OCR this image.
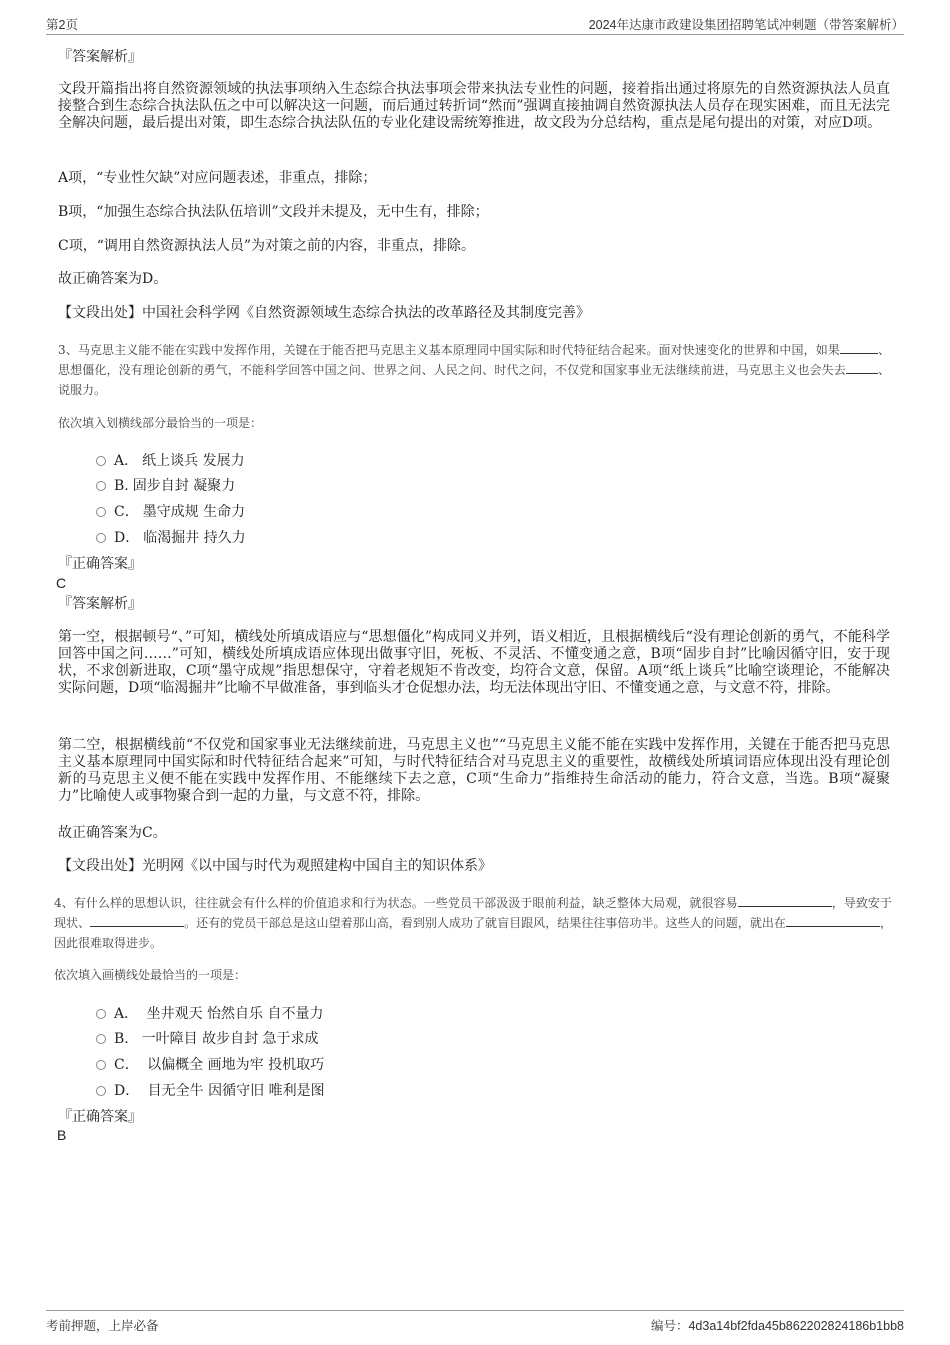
第2页	2024年达康市政建设集团招聘笔试冲刺题（带答案解析）
『答案解析』

文段开篇指出将自然资源领域的执法事项纳入生态综合执法事项会带来执法专业性的问题，接着指出通过将原先的自然资源执法人员直接整合到生态综合执法队伍之中可以解决这一问题，而后通过转折词“然而”强调直接抽调自然资源执法人员存在现实困难，而且无法完全解决问题，最后提出对策，即生态综合执法队伍的专业化建设需统筹推进，故文段为分总结构，重点是尾句提出的对策，对应D项。

A项，“专业性欠缺”对应问题表述，非重点，排除；
B项，“加强生态综合执法队伍培训”文段并未提及，无中生有，排除；
C项，“调用自然资源执法人员”为对策之前的内容，非重点，排除。
故正确答案为D。
【文段出处】中国社会科学网《自然资源领域生态综合执法的改革路径及其制度完善》
3、马克思主义能不能在实践中发挥作用，关键在于能否把马克思主义基本原理同中国实际和时代特征结合起来。面对快速变化的世界和中国，如果	、思想僵化，没有理论创新的勇气，不能科学回答中国之问、世界之问、人民之问、时代之问，不仅党和国家事业无法继续前进，马克思主义也会失去	、说服力。
依次填入划横线部分最恰当的一项是：
A． 纸上谈兵 发展力
B. 固步自封 凝聚力
C． 墨守成规 生命力
D． 临渴掘井 持久力
『正确答案』
C
『答案解析』

第一空，根据顿号“、”可知，横线处所填成语应与“思想僵化”构成同义并列，语义相近，且根据横线后“没有理论创新的勇气，不能科学回答中国之问……”可知，横线处所填成语应体现出做事守旧，死板、不灵活、不懂变通之意，B项“固步自封”比喻因循守旧，安于现状，不求创新进取，C项“墨守成规”指思想保守，守着老规矩不肯改变，均符合文意，保留。A项“纸上谈兵”比喻空谈理论，不能解决实际问题，D项“临渴掘井”比喻不早做准备，事到临头才仓促想办法，均无法体现出守旧、不懂变通之意，与文意不符，排除。

第二空，根据横线前“不仅党和国家事业无法继续前进，马克思主义也”“马克思主义能不能在实践中发挥作用，关键在于能否把马克思主义基本原理同中国实际和时代特征结合起来”可知，与时代特征结合对马克思主义的重要性，故横线处所填词语应体现出没有理论创新的马克思主义便不能在实践中发挥作用、不能继续下去之意，C项“生命力”指维持生命活动的能力，符合文意，当选。B项“凝聚力”比喻使人或事物聚合到一起的力量，与文意不符，排除。

故正确答案为C。
【文段出处】光明网《以中国与时代为观照建构中国自主的知识体系》
4、有什么样的思想认识，往往就会有什么样的价值追求和行为状态。一些党员干部汲汲于眼前利益，缺乏整体大局观，就很容易	，导致安于现状、	。还有的党员干部总是这山望着那山高，看到别人成功了就盲目跟风，结果往往事倍功半。这些人的问题，就出在	，因此很难取得进步。
依次填入画横线处最恰当的一项是：
A． 坐井观天 怡然自乐 自不量力
B.  一叶障目 故步自封 急于求成
C． 以偏概全 画地为牢 投机取巧
D． 目无全牛 因循守旧 唯利是图
『正确答案』
B
考前押题，上岸必备	编号：4d3a14bf2fda45b862202824186b1bb8
